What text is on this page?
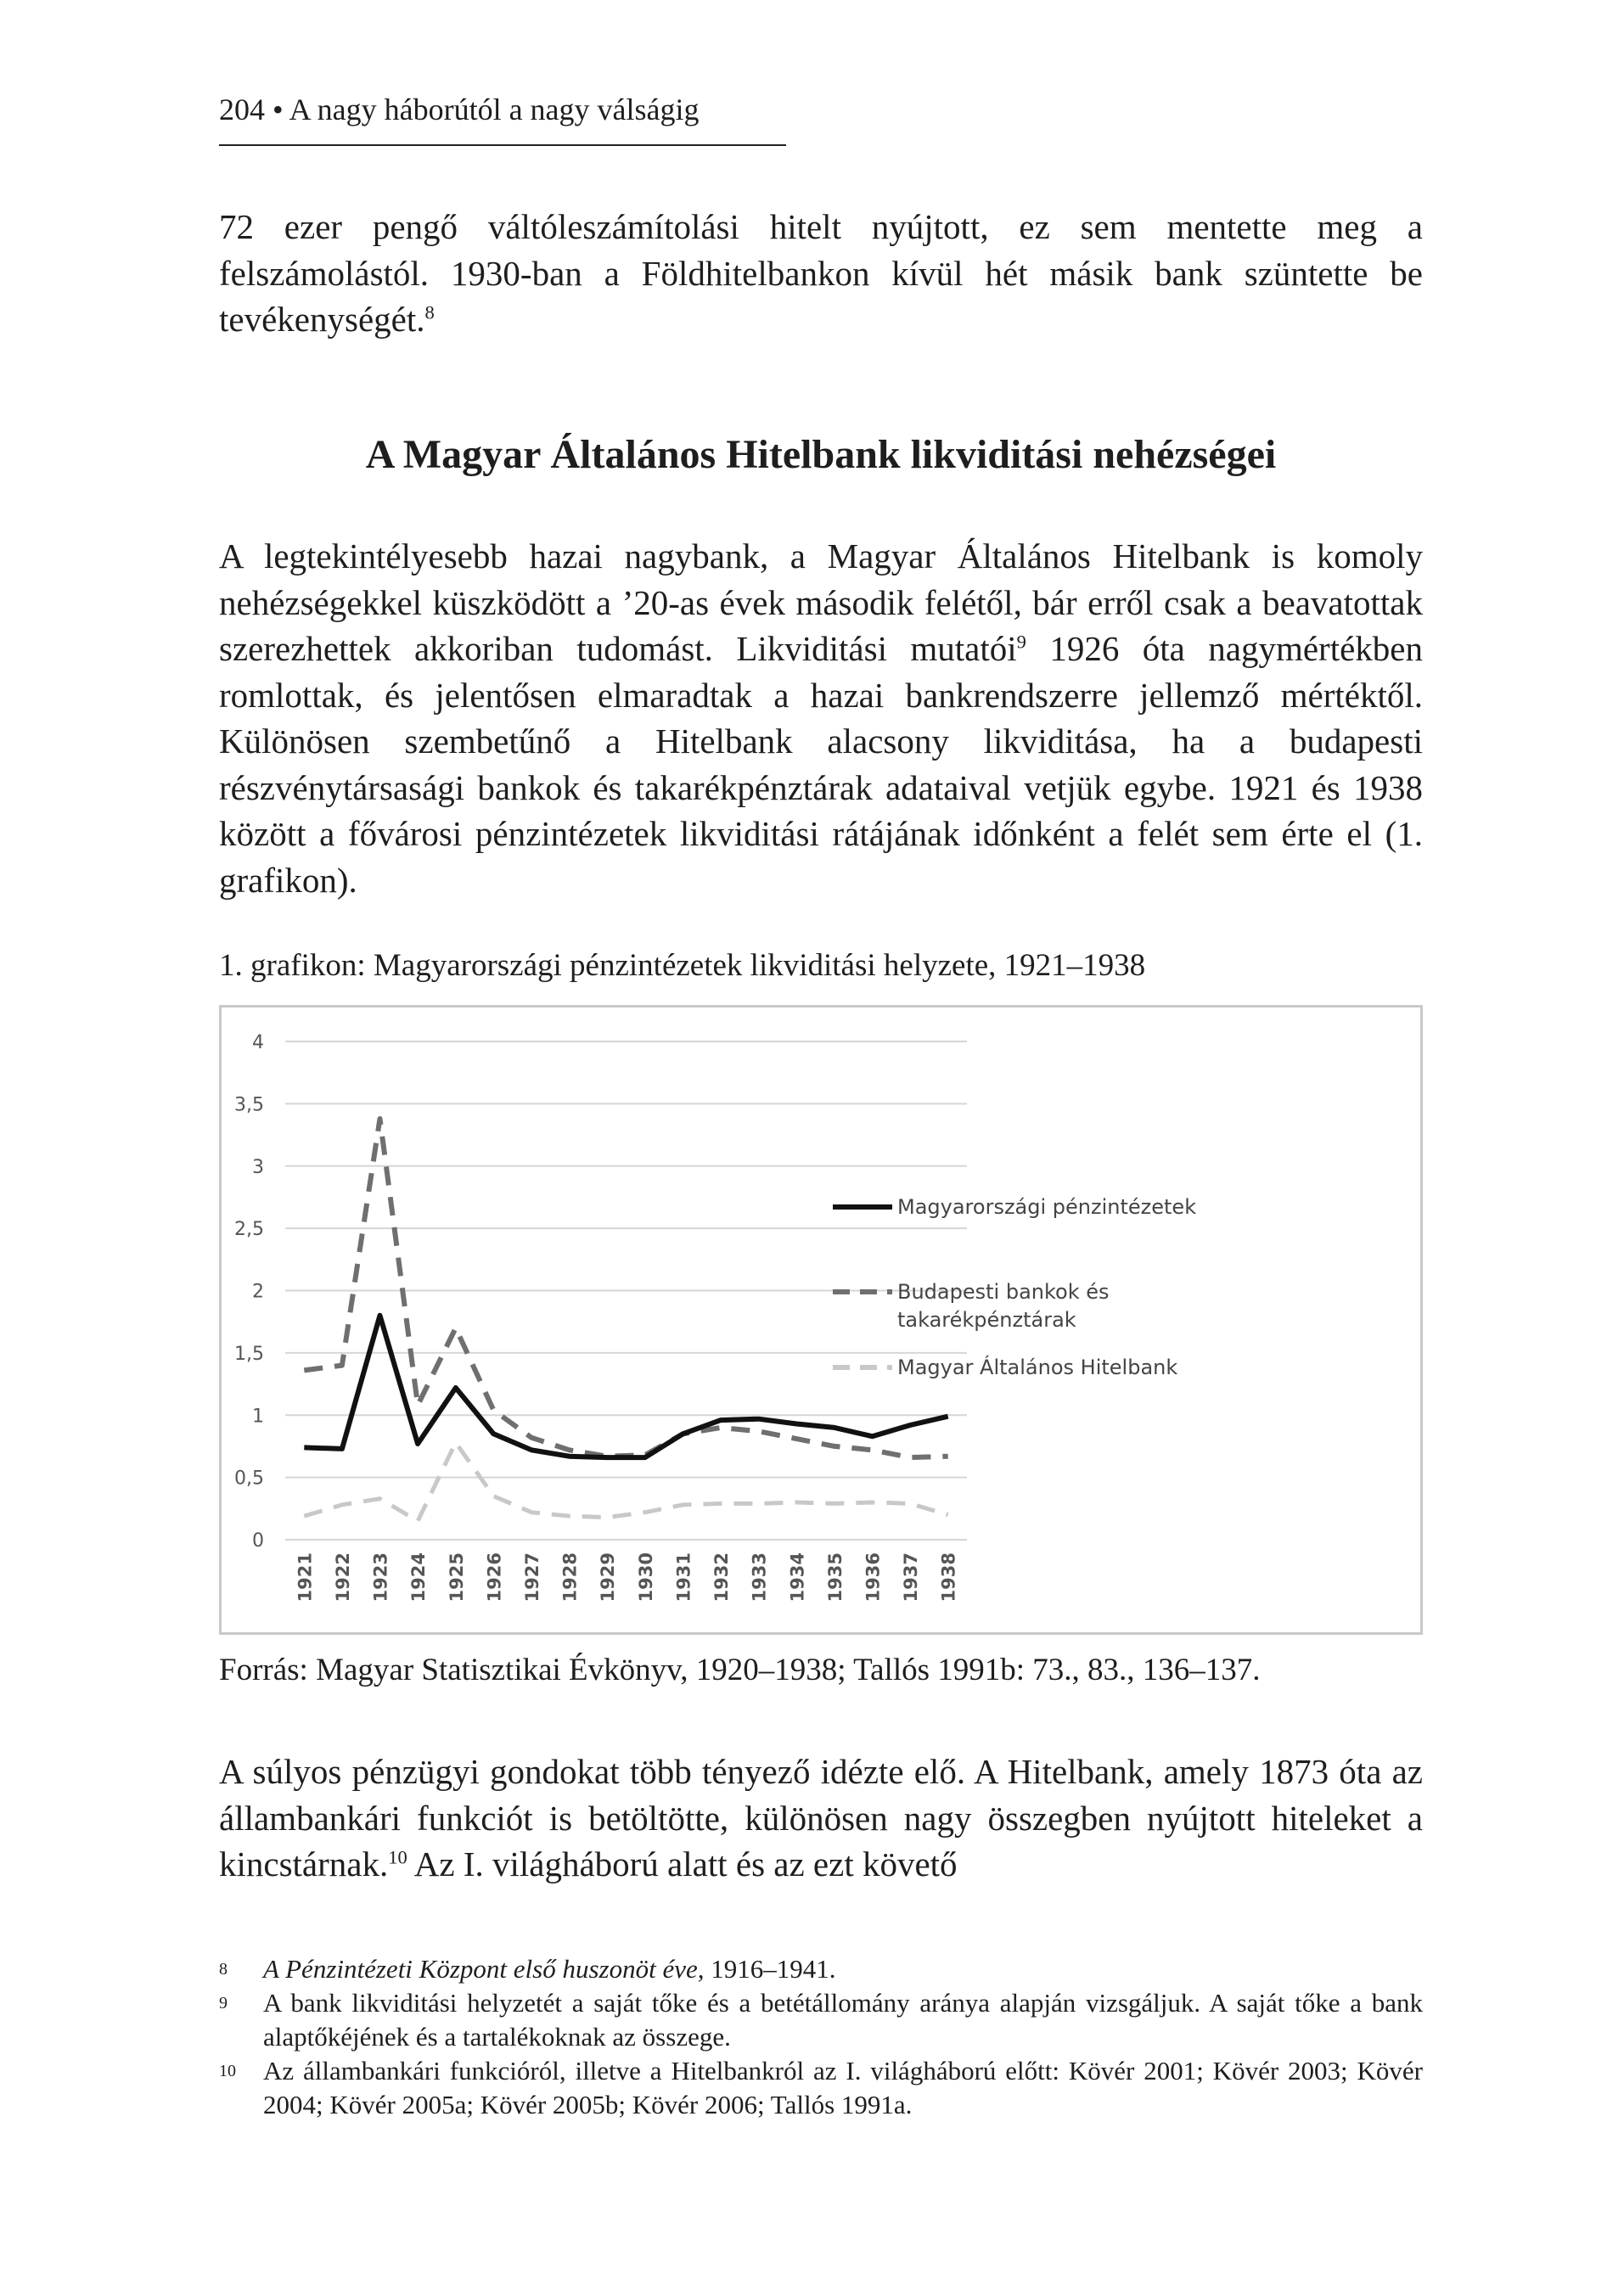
204 • A nagy háborútól a nagy válságig
72 ezer pengő váltóleszámítolási hitelt nyújtott, ez sem mentette meg a felszámolástól. 1930-ban a Földhitelbankon kívül hét másik bank szüntette be tevékenységét.$^8$
A Magyar Általános Hitelbank likviditási nehézségei
A legtekintélyesebb hazai nagybank, a Magyar Általános Hitelbank is komoly nehézségekkel küszködött a ’20-as évek második felétől, bár erről csak a beavatottak szerezhettek akkoriban tudomást. Likviditási mutatói$^9$ 1926 óta nagymértékben romlottak, és jelentősen elmaradtak a hazai bankrendszerre jellemző mértéktől. Különösen szembetűnő a Hitelbank alacsony likviditása, ha a budapesti részvénytársasági bankok és takarékpénztárak adataival vetjük egybe. 1921 és 1938 között a fővárosi pénzintézetek likviditási rátájának időnként a felét sem érte el (1. grafikon).
1. grafikon: Magyarországi pénzintézetek likviditási helyzete, 1921–1938
0
0,5
1
1,5
2
2,5
3
3,5
4
1921 1922 1923 1924 1925 1926 1927 1928 1929 1930 1931 1932 1933 1934 1935 1936 1937 1938
Magyarországi pénzintézetek
Budapesti bankok és
takarékpénztárak
Magyar Általános Hitelbank
Forrás: Magyar Statisztikai Évkönyv, 1920–1938; Tallós 1991b: 73., 83., 136–137.
A súlyos pénzügyi gondokat több tényező idézte elő. A Hitelbank, amely 1873 óta az állambankári funkciót is betöltötte, különösen nagy összegben nyújtott hiteleket a kincstárnak.$^{10}$ Az I. világháború alatt és az ezt követő
8 A Pénzintézeti Központ első huszonöt éve, 1916–1941.
9 A bank likviditási helyzetét a saját tőke és a betétállomány aránya alapján vizsgáljuk. A saját tőke a bank alaptőkéjének és a tartalékoknak az összege.
10 Az állambankári funkcióról, illetve a Hitelbankról az I. világháború előtt: Kövér 2001; Kövér 2003; Kövér 2004; Kövér 2005a; Kövér 2005b; Kövér 2006; Tallós 1991a.
